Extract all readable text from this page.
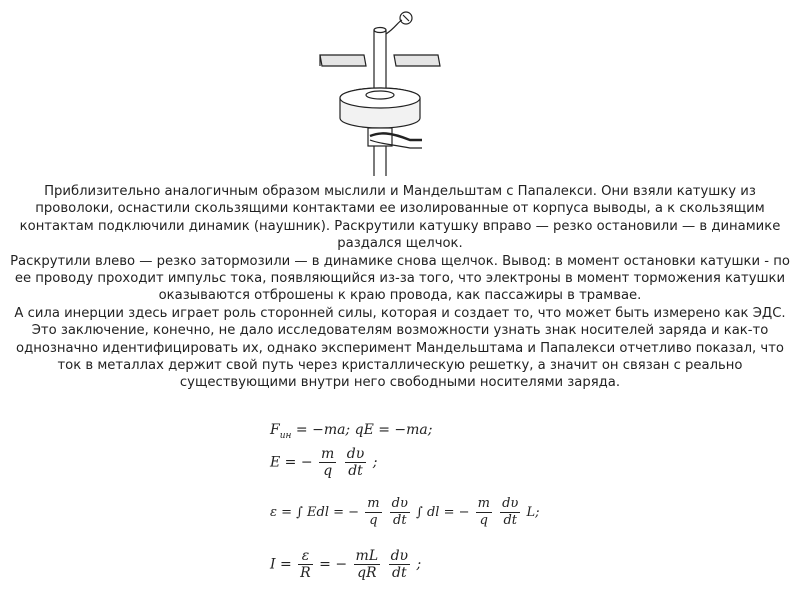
Приблизительно аналогичным образом мыслили и Мандельштам с Папалекси. Они взяли катушку из проволоки, оснастили скользящими контактами ее изолированные от корпуса выводы, а к скользящим контактам подключили динамик (наушник). Раскрутили катушку вправо — резко остановили — в динамике раздался щелчок.

Раскрутили влево — резко затормозили — в динамике снова щелчок. Вывод: в момент остановки катушки - по ее проводу проходит импульс тока, появляющийся из-за того, что электроны в момент торможения катушки оказываются отброшены к краю провода, как пассажиры в трамвае.

А сила инерции здесь играет роль сторонней силы, которая и создает то, что может быть измерено как ЭДС. Это заключение, конечно, не дало исследователям возможности узнать знак носителей заряда и как-то однозначно идентифицировать их, однако эксперимент Мандельштама и Папалекси отчетливо показал, что ток в металлах держит свой путь через кристаллическую решетку, а значит он связан с реально существующими внутри него свободными носителями заряда.

$F_{ин} = -ma$; qE = −ma;
E = − $\frac{m}{q}$
$\frac{d\upsilon}{dt}$ ;
ε = ∫ Edl = − $\frac{m}{q}$
$\frac{d\upsilon}{dt}$ ∫ dl = − $\frac{m}{q}$
$\frac{d\upsilon}{dt} L$;
$I = \frac{\varepsilon}{R}$ = − $\frac{mL}{qR}$
$\frac{d\upsilon}{dt}$ ;
